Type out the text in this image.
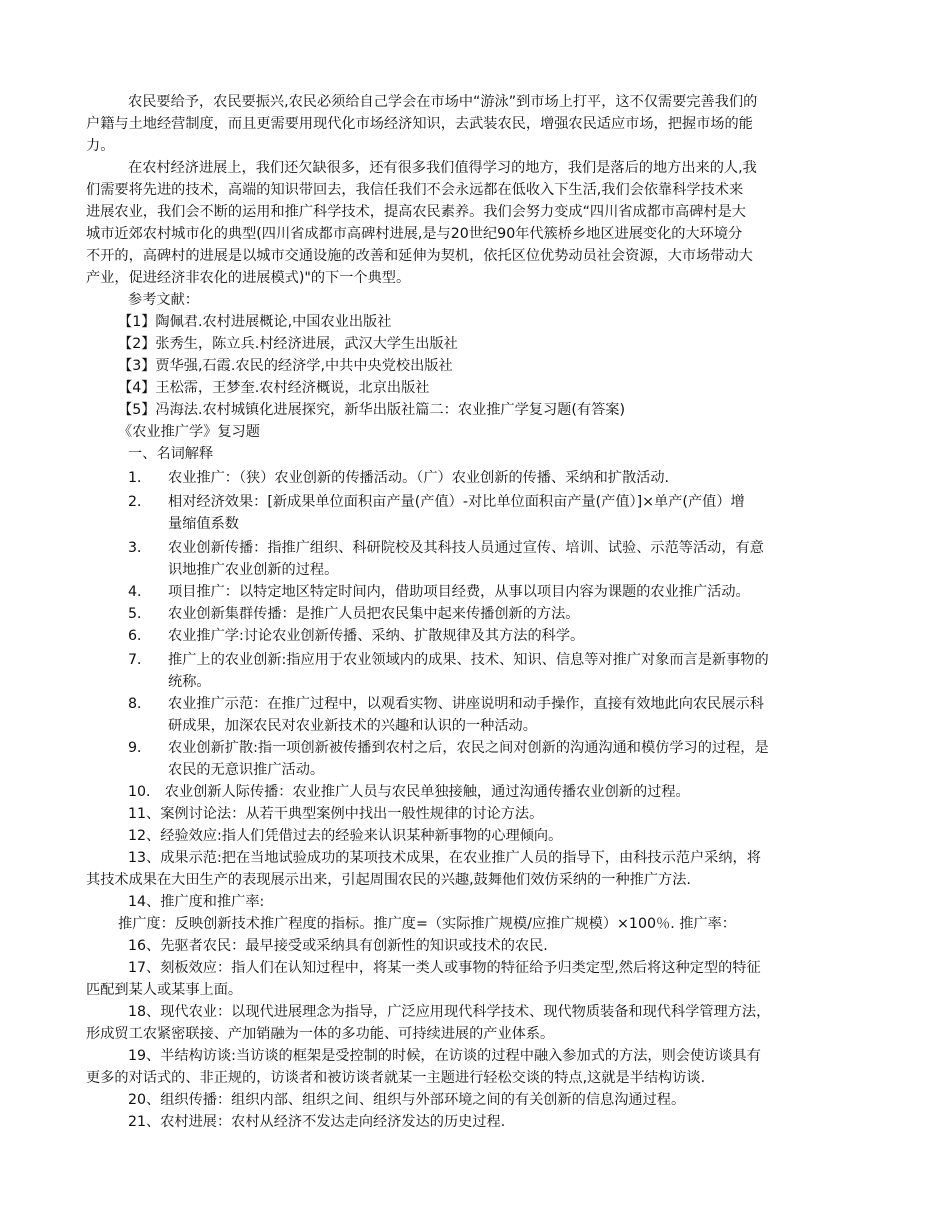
农民要给予，农民要振兴,农民必须给自己学会在市场中“游泳”到市场上打平，这不仅需要完善我们的
户籍与土地经营制度，而且更需要用现代化市场经济知识，去武装农民，增强农民适应市场，把握市场的能
力。
在农村经济进展上，我们还欠缺很多，还有很多我们值得学习的地方，我们是落后的地方出来的人,我
们需要将先进的技术，高端的知识带回去，我信任我们不会永远都在低收入下生活,我们会依靠科学技术来
进展农业，我们会不断的运用和推广科学技术，提高农民素养。我们会努力变成“四川省成都市高碑村是大
城市近郊农村城市化的典型(四川省成都市高碑村进展,是与20世纪90年代簇桥乡地区进展变化的大环境分
不开的，高碑村的进展是以城市交通设施的改善和延伸为契机，依托区位优势动员社会资源，大市场带动大
产业，促进经济非农化的进展模式)"的下一个典型。
参考文献：
【1】陶佩君.农村进展概论,中国农业出版社
【2】张秀生，陈立兵.村经济进展，武汉大学生出版社
【3】贾华强,石霞.农民的经济学,中共中央党校出版社
【4】王松霈，王梦奎.农村经济概说，北京出版社
【5】冯海法.农村城镇化进展探究，新华出版社篇二：农业推广学复习题(有答案)
《农业推广学》复习题
一、名词解释
1． 农业推广：（狭）农业创新的传播活动。（广）农业创新的传播、采纳和扩散活动.
2． 相对经济效果：[新成果单位面积亩产量(产值）-对比单位面积亩产量(产值）]×单产(产值）增
量缩值系数
3． 农业创新传播：指推广组织、科研院校及其科技人员通过宣传、培训、试验、示范等活动，有意
识地推广农业创新的过程。
4． 项目推广：以特定地区特定时间内，借助项目经费，从事以项目内容为课题的农业推广活动。
5． 农业创新集群传播：是推广人员把农民集中起来传播创新的方法。
6． 农业推广学:讨论农业创新传播、采纳、扩散规律及其方法的科学。
7． 推广上的农业创新:指应用于农业领域内的成果、技术、知识、信息等对推广对象而言是新事物的
统称。
8． 农业推广示范：在推广过程中，以观看实物、讲座说明和动手操作，直接有效地此向农民展示科
研成果，加深农民对农业新技术的兴趣和认识的一种活动。
9． 农业创新扩散:指一项创新被传播到农村之后，农民之间对创新的沟通沟通和模仿学习的过程，是
农民的无意识推广活动。
10． 农业创新人际传播：农业推广人员与农民单独接触，通过沟通传播农业创新的过程。
11、案例讨论法：从若干典型案例中找出一般性规律的讨论方法。
12、经验效应:指人们凭借过去的经验来认识某种新事物的心理倾向。
13、成果示范:把在当地试验成功的某项技术成果，在农业推广人员的指导下，由科技示范户采纳，将
其技术成果在大田生产的表现展示出来，引起周围农民的兴趣,鼓舞他们效仿采纳的一种推广方法.
14、推广度和推广率:
推广度：反映创新技术推广程度的指标。推广度=（实际推广规模/应推广规模）×100％. 推广率：
16、先驱者农民：最早接受或采纳具有创新性的知识或技术的农民.
17、刻板效应：指人们在认知过程中，将某一类人或事物的特征给予归类定型,然后将这种定型的特征
匹配到某人或某事上面。
18、现代农业：以现代进展理念为指导，广泛应用现代科学技术、现代物质装备和现代科学管理方法，
形成贸工农紧密联接、产加销融为一体的多功能、可持续进展的产业体系。
19、半结构访谈:当访谈的框架是受控制的时候，在访谈的过程中融入参加式的方法，则会使访谈具有
更多的对话式的、非正规的，访谈者和被访谈者就某一主题进行轻松交谈的特点,这就是半结构访谈.
20、组织传播：组织内部、组织之间、组织与外部环境之间的有关创新的信息沟通过程。
21、农村进展：农村从经济不发达走向经济发达的历史过程.
